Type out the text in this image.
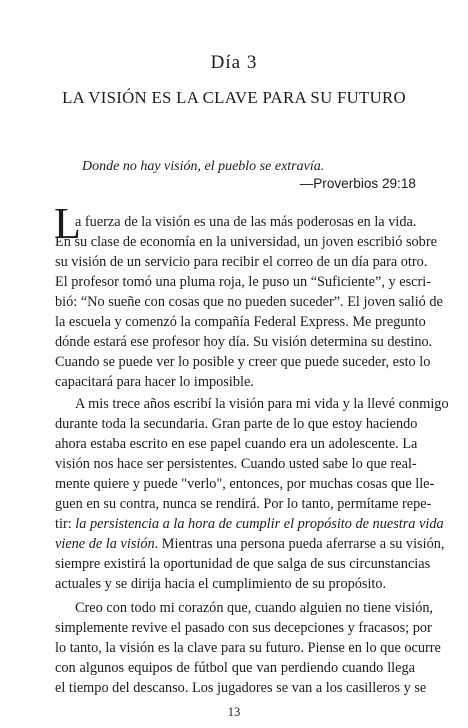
Día 3
LA VISIÓN ES LA CLAVE PARA SU FUTURO
Donde no hay visión, el pueblo se extravía.
—Proverbios 29:18
L
a fuerza de la visión es una de las más poderosas en la vida.
En su clase de economía en la universidad, un joven escribió sobre
su visión de un servicio para recibir el correo de un día para otro.
El profesor tomó una pluma roja, le puso un “Suficiente”, y escri-
bió: “No sueñe con cosas que no pueden suceder”. El joven salió de
la escuela y comenzó la compañía Federal Express. Me pregunto
dónde estará ese profesor hoy día. Su visión determina su destino.
Cuando se puede ver lo posible y creer que puede suceder, esto lo
capacitará para hacer lo imposible.
A mis trece años escribí la visión para mi vida y la llevé conmigo
durante toda la secundaria. Gran parte de lo que estoy haciendo
ahora estaba escrito en ese papel cuando era un adolescente. La
visión nos hace ser persistentes. Cuando usted sabe lo que real-
mente quiere y puede "verlo", entonces, por muchas cosas que lle-
guen en su contra, nunca se rendirá. Por lo tanto, permítame repe-
tir: la persistencia a la hora de cumplir el propósito de nuestra vida
viene de la visión. Mientras una persona pueda aferrarse a su visión,
siempre existirá la oportunidad de que salga de sus circunstancias
actuales y se dirija hacia el cumplimiento de su propósito.
Creo con todo mi corazón que, cuando alguien no tiene visión,
simplemente revive el pasado con sus decepciones y fracasos; por
lo tanto, la visión es la clave para su futuro. Piense en lo que ocurre
con algunos equipos de fútbol que van perdiendo cuando llega
el tiempo del descanso. Los jugadores se van a los casilleros y se
13
